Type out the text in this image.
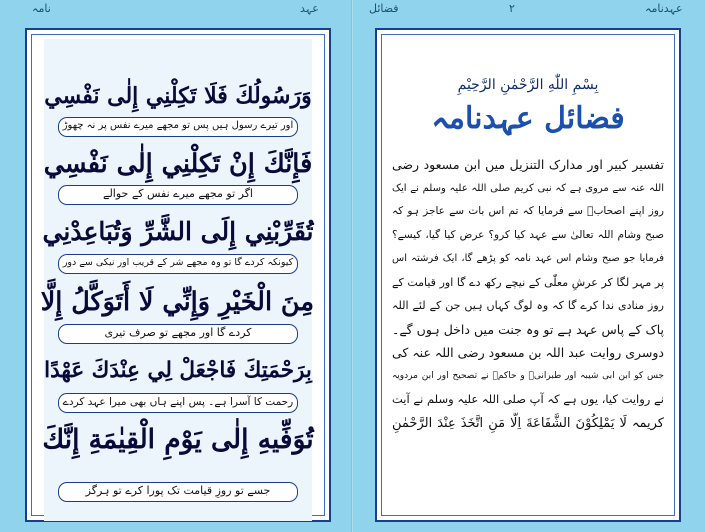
نامہ	عہد
وَرَسُولُكَ فَلَا تَكِلْنِي إِلٰى نَفْسِي
اور تیرے رسول ہیں پس تو مجھے میرے نفس پر نہ چھوڑ
فَإِنَّكَ إِنْ تَكِلْنِي إِلٰى نَفْسِي
اگر تو مجھے میرے نفس کے حوالے
تُقَرِّبْنِي إِلَى الشَّرِّ وَتُبَاعِدْنِي
کیونکہ کردے گا تو وہ مجھے شر کے قریب اور نیکی سے دور
مِنَ الْخَيْرِ وَإِنِّي لَا أَتَوَكَّلُ إِلَّا
کردے گا اور مجھے تو صرف تیری
بِرَحْمَتِكَ فَاجْعَلْ لِي عِنْدَكَ عَهْدًا
رحمت کا آسرا ہے۔ پس اپنے ہاں بھی میرا عہد کردے
تُوَفِّيهِ إِلٰى يَوْمِ الْقِيٰمَةِ إِنَّكَ
جسے تو روزِ قیامت تک پورا کرے تو ہرگز
فضائل	۲	عہدنامہ
بِسْمِ اللّٰهِ الرَّحْمٰنِ الرَّحِيْمِ
فضائل عہدنامہ
تفسیر کبیر اور مدارک التنزیل میں ابن مسعود رضی
اللہ عنہ سے مروی ہے کہ نبی کریم صلی اللہ علیہ وسلم نے ایک
روز اپنے اصحابؓ سے فرمایا کہ تم اس بات سے عاجز ہو کہ
صبح وشام اللہ تعالیٰ سے عہد کیا کرو؟ عرض کیا گیا، کیسے؟
فرمایا جو صبح وشام اس عہد نامہ کو پڑھے گا، ایک فرشتہ اس
پر مہر لگا کر عرشِ معلّٰی کے نیچے رکھ دے گا اور قیامت کے
روز منادی ندا کرے گا کہ وہ لوگ کہاں ہیں جن کے لئے اللہ
پاک کے پاس عہد ہے تو وہ جنت میں داخل ہوں گے۔
دوسری روایت عبد اللہ بن مسعود رضی اللہ عنہ کی
جس کو ابن ابی شیبہ اور طبرانیؒ و حاکمؒ نے تصحیح اور ابن مردویہ
نے روایت کیا، یوں ہے کہ آپ صلی اللہ علیہ وسلم نے آیت
کریمہ لَا يَمْلِكُوْنَ الشَّفَاعَةَ اِلَّا مَنِ اتَّخَذَ عِنْدَ الرَّحْمٰنِ
